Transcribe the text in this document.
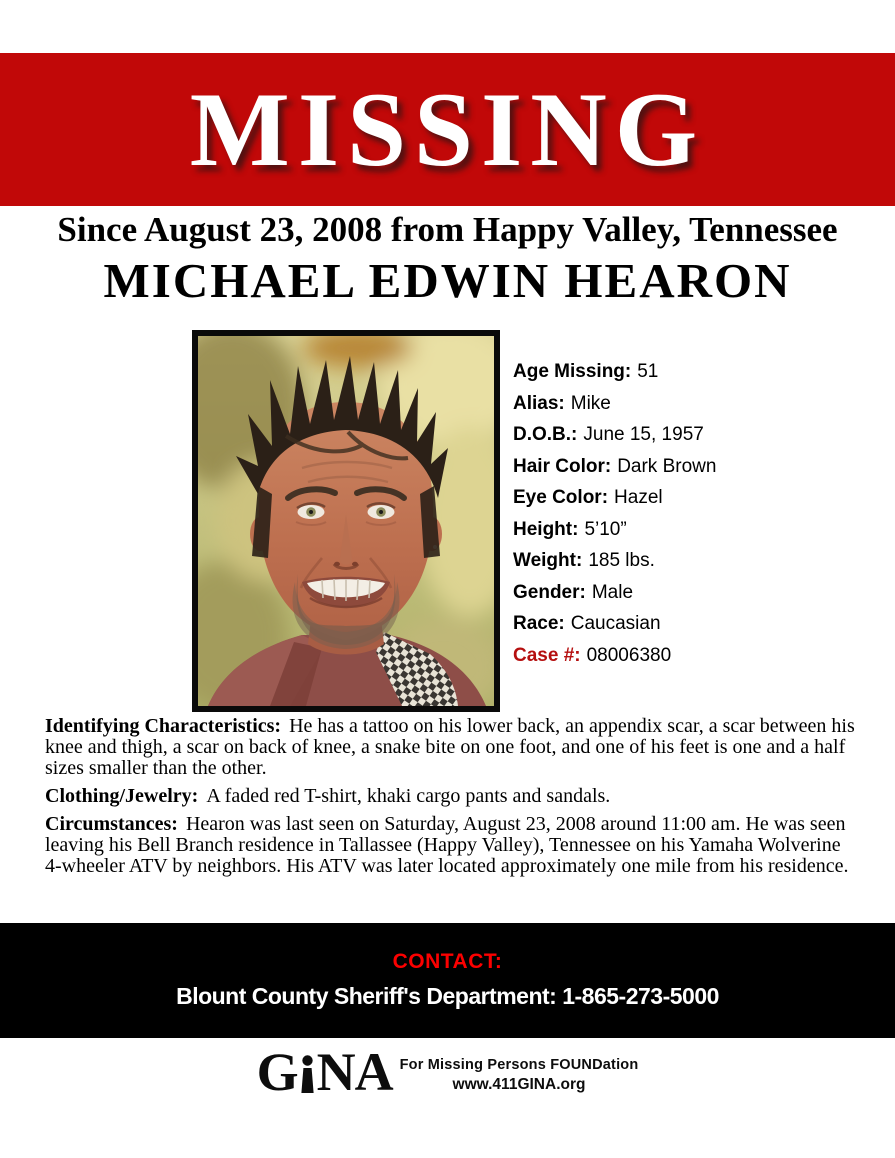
MISSING
Since August 23, 2008 from Happy Valley, Tennessee
MICHAEL EDWIN HEARON
Age Missing: 51
Alias: Mike
D.O.B.: June 15, 1957
Hair Color: Dark Brown
Eye Color: Hazel
Height: 5’10”
Weight: 185 lbs.
Gender: Male
Race: Caucasian
Case #: 08006380

Identifying Characteristics: He has a tattoo on his lower back, an appendix scar, a scar between his knee and thigh, a scar on back of knee, a snake bite on one foot, and one of his feet is one and a half sizes smaller than the other.

Clothing/Jewelry: A faded red T-shirt, khaki cargo pants and sandals.

Circumstances: Hearon was last seen on Saturday, August 23, 2008 around 11:00 am. He was seen leaving his Bell Branch residence in Tallassee (Happy Valley), Tennessee on his Yamaha Wolverine 4-wheeler ATV by neighbors. His ATV was later located approximately one mile from his residence.

CONTACT:
Blount County Sheriff's Department: 1-865-273-5000
G NA For Missing Persons FOUNDation
www.411GINA.org
